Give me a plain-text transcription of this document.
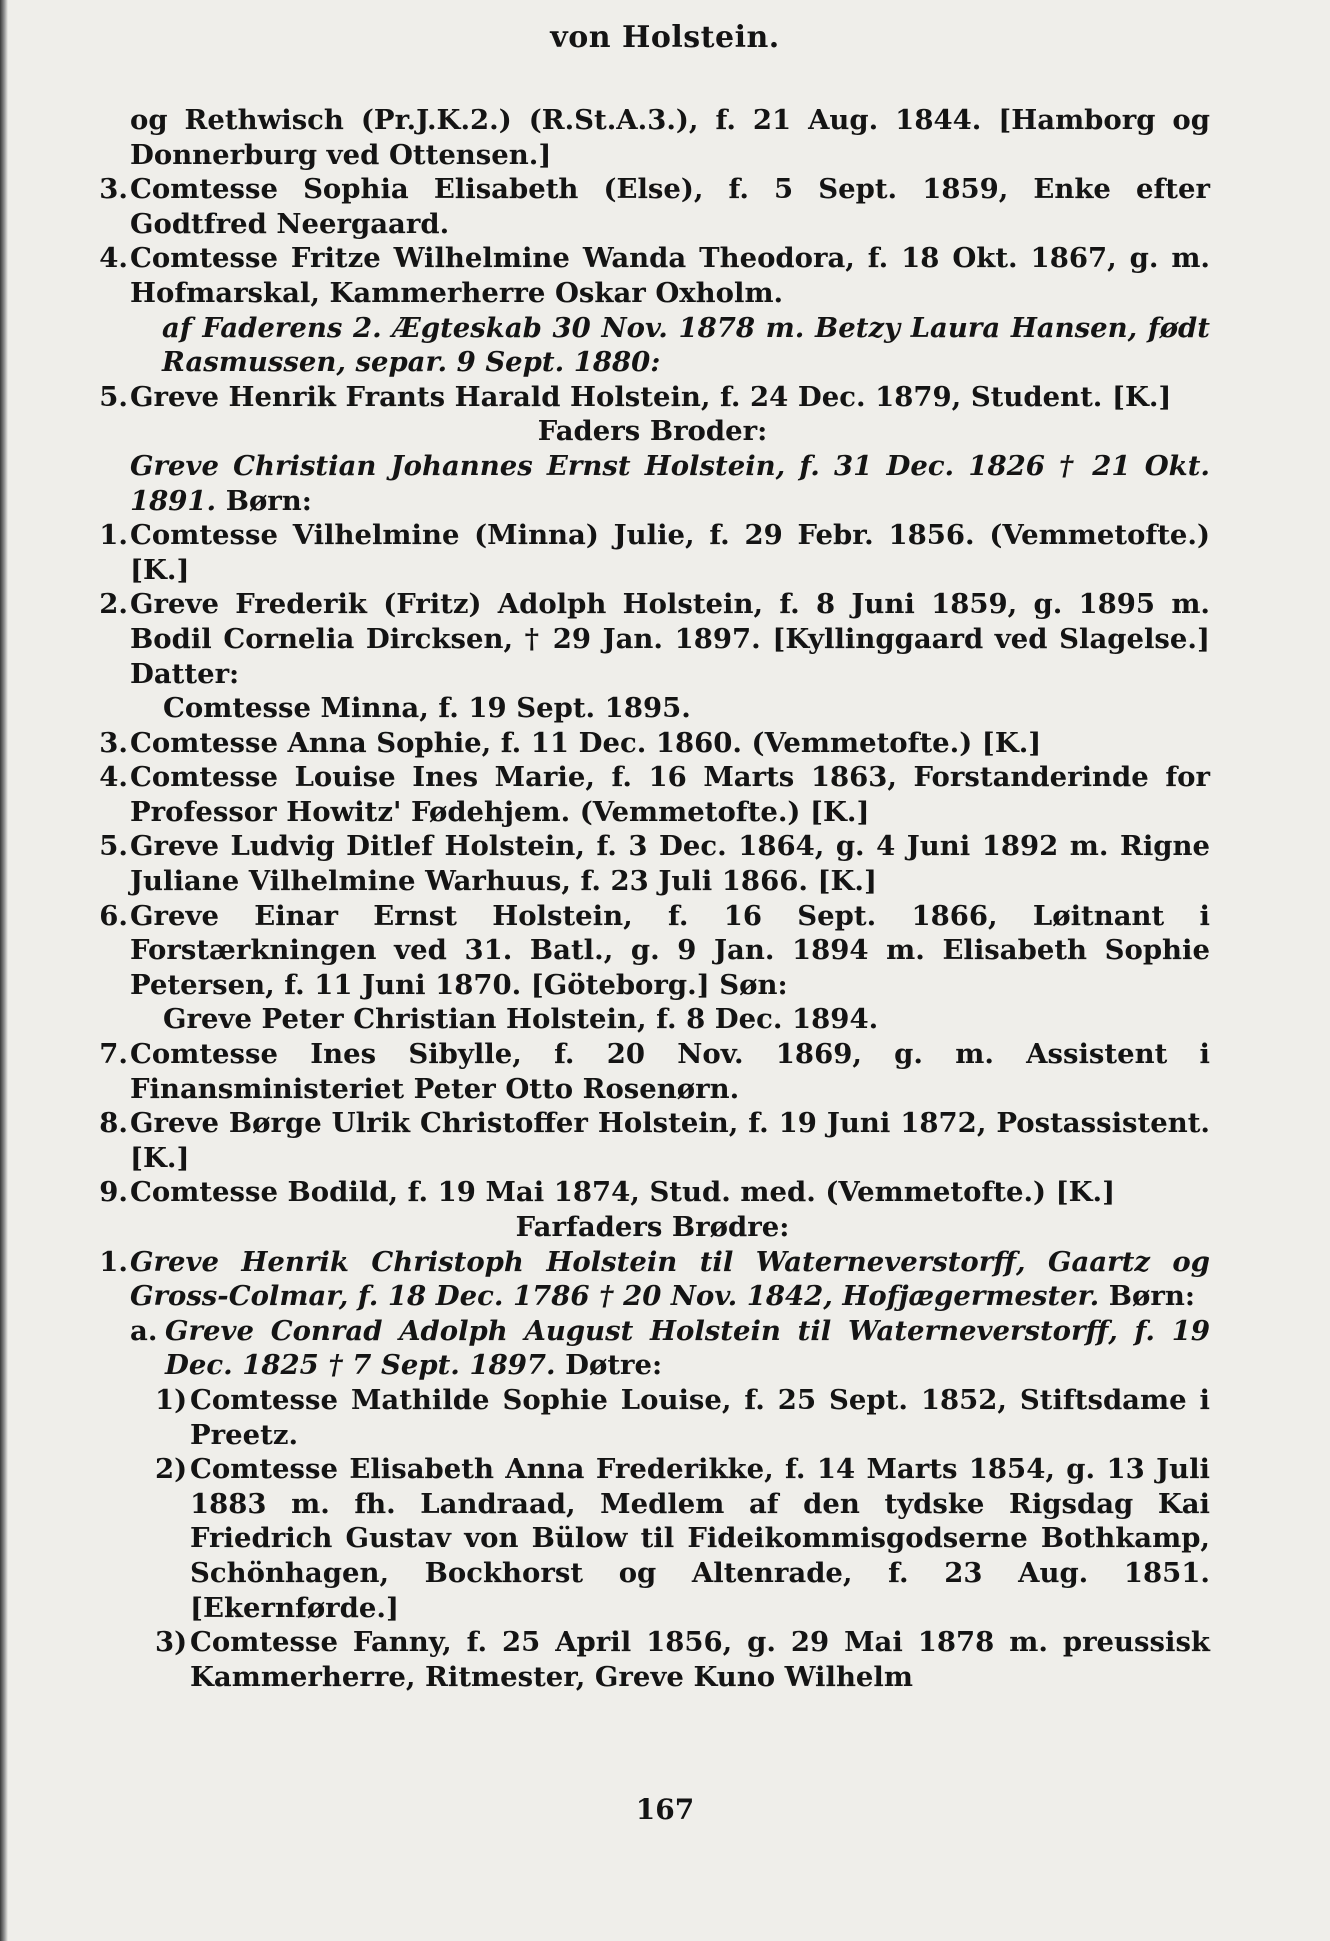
von Holstein.
og Rethwisch (Pr.J.K.2.) (R.St.A.3.), f. 21 Aug. 1844. [Hamborg og Donnerburg ved Ottensen.]
3. Comtesse Sophia Elisabeth (Else), f. 5 Sept. 1859, Enke efter Godtfred Neergaard.
4. Comtesse Fritze Wilhelmine Wanda Theodora, f. 18 Okt. 1867, g. m. Hofmarskal, Kammerherre Oskar Oxholm.
af Faderens 2. Ægteskab 30 Nov. 1878 m. Betzy Laura Hansen, født Rasmussen, separ. 9 Sept. 1880:
5. Greve Henrik Frants Harald Holstein, f. 24 Dec. 1879, Student. [K.]
Faders Broder:
Greve Christian Johannes Ernst Holstein, f. 31 Dec. 1826 † 21 Okt. 1891. Børn:
1. Comtesse Vilhelmine (Minna) Julie, f. 29 Febr. 1856. (Vemmetofte.) [K.]
2. Greve Frederik (Fritz) Adolph Holstein, f. 8 Juni 1859, g. 1895 m. Bodil Cornelia Dircksen, † 29 Jan. 1897. [Kyllinggaard ved Slagelse.] Datter:
Comtesse Minna, f. 19 Sept. 1895.
3. Comtesse Anna Sophie, f. 11 Dec. 1860. (Vemmetofte.) [K.]
4. Comtesse Louise Ines Marie, f. 16 Marts 1863, Forstanderinde for Professor Howitz' Fødehjem. (Vemmetofte.) [K.]
5. Greve Ludvig Ditlef Holstein, f. 3 Dec. 1864, g. 4 Juni 1892 m. Rigne Juliane Vilhelmine Warhuus, f. 23 Juli 1866. [K.]
6. Greve Einar Ernst Holstein, f. 16 Sept. 1866, Løitnant i Forstærkningen ved 31. Batl., g. 9 Jan. 1894 m. Elisabeth Sophie Petersen, f. 11 Juni 1870. [Göteborg.] Søn:
Greve Peter Christian Holstein, f. 8 Dec. 1894.
7. Comtesse Ines Sibylle, f. 20 Nov. 1869, g. m. Assistent i Finansministeriet Peter Otto Rosenørn.
8. Greve Børge Ulrik Christoffer Holstein, f. 19 Juni 1872, Postassistent. [K.]
9. Comtesse Bodild, f. 19 Mai 1874, Stud. med. (Vemmetofte.) [K.]
Farfaders Brødre:
1. Greve Henrik Christoph Holstein til Waterneverstorff, Gaartz og Gross-Colmar, f. 18 Dec. 1786 † 20 Nov. 1842, Hofjægermester. Børn:
a. Greve Conrad Adolph August Holstein til Waterneverstorff, f. 19 Dec. 1825 † 7 Sept. 1897. Døtre:
1) Comtesse Mathilde Sophie Louise, f. 25 Sept. 1852, Stiftsdame i Preetz.
2) Comtesse Elisabeth Anna Frederikke, f. 14 Marts 1854, g. 13 Juli 1883 m. fh. Landraad, Medlem af den tydske Rigsdag Kai Friedrich Gustav von Bülow til Fideikommisgodserne Bothkamp, Schönhagen, Bockhorst og Altenrade, f. 23 Aug. 1851. [Ekernførde.]
3) Comtesse Fanny, f. 25 April 1856, g. 29 Mai 1878 m. preussisk Kammerherre, Ritmester, Greve Kuno Wilhelm
167
